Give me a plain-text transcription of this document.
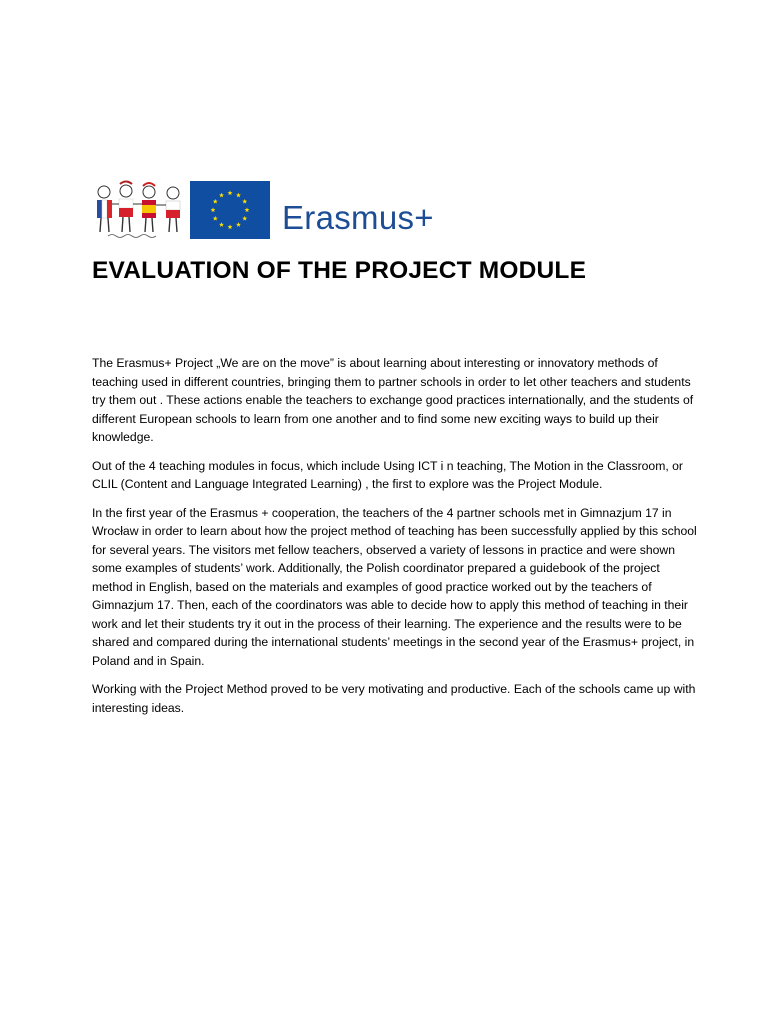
Erasmus+
EVALUATION OF THE PROJECT MODULE

The Erasmus+ Project „We are on the move” is about learning about interesting or innovatory methods of teaching used in different countries, bringing them to partner schools in order to let other teachers and students try them out . These actions enable the teachers to exchange good practices internationally, and the students of different European schools to learn from one another and to find some new exciting ways to build up their knowledge.

Out of the 4 teaching modules in focus, which include Using ICT i n teaching, The Motion in the Classroom, or CLIL (Content and Language Integrated Learning) , the first to explore was the Project Module.

In the first year of the Erasmus + cooperation, the teachers of the 4 partner schools met in Gimnazjum 17 in Wrocław in order to learn about how the project method of teaching has been successfully applied by this school for several years. The visitors met fellow teachers, observed a variety of lessons in practice and were shown some examples of students’ work. Additionally, the Polish coordinator prepared a guidebook of the project method in English, based on the materials and examples of good practice worked out by the teachers of Gimnazjum 17. Then, each of the coordinators was able to decide how to apply this method of teaching in their work and let their students try it out in the process of their learning. The experience and the results were to be shared and compared during the international students’ meetings in the second year of the Erasmus+ project, in Poland and in Spain.

Working with the Project Method proved to be very motivating and productive. Each of the schools came up with interesting ideas.
